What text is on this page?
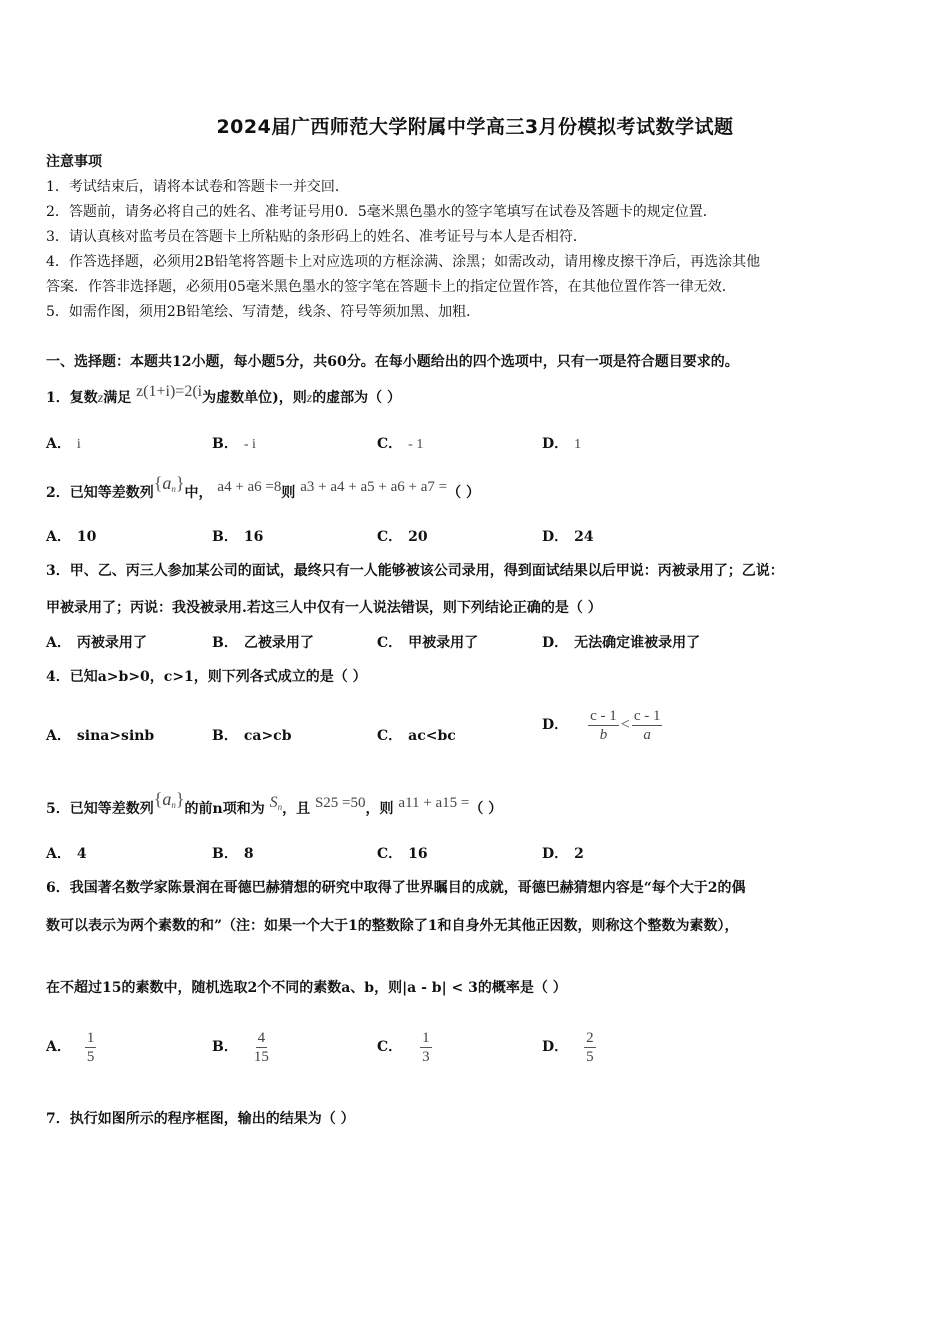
2024届广西师范大学附属中学高三3月份模拟考试数学试题
注意事项
1．考试结束后，请将本试卷和答题卡一并交回．
2．答题前，请务必将自己的姓名、准考证号用0．5毫米黑色墨水的签字笔填写在试卷及答题卡的规定位置．
3．请认真核对监考员在答题卡上所粘贴的条形码上的姓名、准考证号与本人是否相符．
4．作答选择题，必须用2B铅笔将答题卡上对应选项的方框涂满、涂黑；如需改动，请用橡皮擦干净后，再选涂其他
答案．作答非选择题，必须用05毫米黑色墨水的签字笔在答题卡上的指定位置作答，在其他位置作答一律无效．
5．如需作图，须用2B铅笔绘、写清楚，线条、符号等须加黑、加粗．
一、选择题：本题共12小题，每小题5分，共60分。在每小题给出的四个选项中，只有一项是符合题目要求的。
1．复数z满足 z(1+i)=2(i为虚数单位)，则z的虚部为（ ）
A． i	B． - i	C． - 1	D． 1
2．已知等差数列$\{a_n\}$中， a4 + a6 =8则 a3 + a4 + a5 + a6 + a7 =（ ）
A． 10	B． 16	C． 20	D． 24
3．甲、乙、丙三人参加某公司的面试，最终只有一人能够被该公司录用，得到面试结果以后甲说：丙被录用了；乙说：
甲被录用了；丙说：我没被录用.若这三人中仅有一人说法错误，则下列结论正确的是（ ）
A． 丙被录用了	B． 乙被录用了	C． 甲被录用了	D． 无法确定谁被录用了
4．已知a>b>0，c>1，则下列各式成立的是（ ）
A． sina>sinb	B． ca>cb	C． ac<bc
D． $\frac{c - 1}{b} < \frac{c - 1}{a}$
5．已知等差数列$\{a_n\}$的前n项和为 $S_n$，且 S25 =50，则 a11 + a15 =（ ）
A． 4	B． 8	C． 16	D． 2
6．我国著名数学家陈景润在哥德巴赫猜想的研究中取得了世界瞩目的成就，哥德巴赫猜想内容是“每个大于2的偶
数可以表示为两个素数的和”（注：如果一个大于1的整数除了1和自身外无其他正因数，则称这个整数为素数），
在不超过15的素数中，随机选取2个不同的素数a、b，则|a - b| < 3的概率是（ ）
A． $\frac{1}{5}$	B． $\frac{4}{15}$	C． $\frac{1}{3}$	D． $\frac{2}{5}$
7．执行如图所示的程序框图，输出的结果为（ ）
